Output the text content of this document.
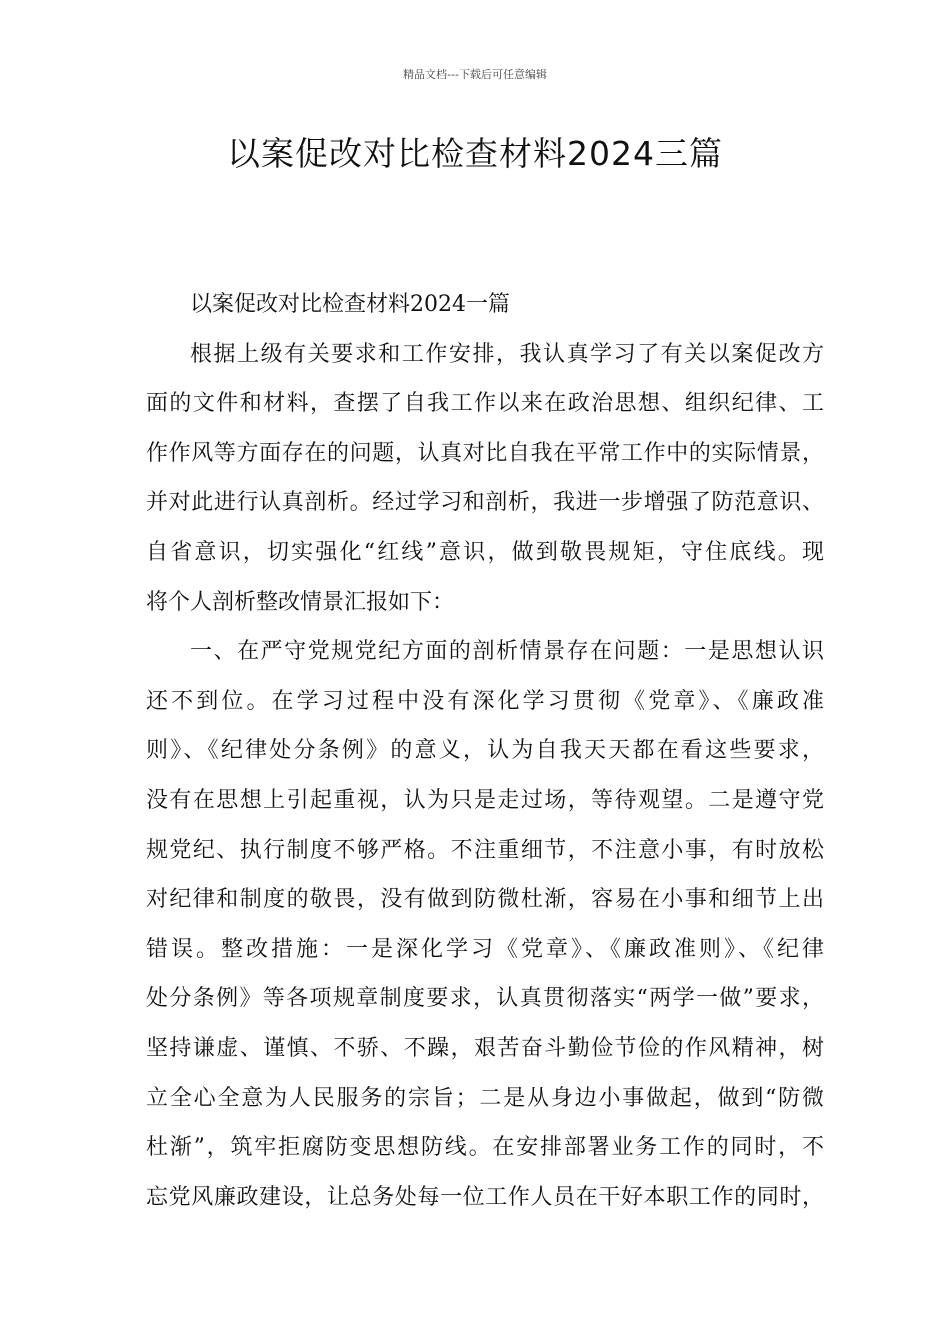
精品文档---下载后可任意编辑
以案促改对比检查材料2024三篇
以案促改对比检查材料2024一篇
根据上级有关要求和工作安排，我认真学习了有关以案促改方
面的文件和材料，查摆了自我工作以来在政治思想、组织纪律、工
作作风等方面存在的问题，认真对比自我在平常工作中的实际情景，
并对此进行认真剖析。经过学习和剖析，我进一步增强了防范意识、
自省意识，切实强化“红线”意识，做到敬畏规矩，守住底线。现
将个人剖析整改情景汇报如下：
一、在严守党规党纪方面的剖析情景存在问题：一是思想认识
还不到位。在学习过程中没有深化学习贯彻《党章》、《廉政准
则》、《纪律处分条例》的意义，认为自我天天都在看这些要求，
没有在思想上引起重视，认为只是走过场，等待观望。二是遵守党
规党纪、执行制度不够严格。不注重细节，不注意小事，有时放松
对纪律和制度的敬畏，没有做到防微杜渐，容易在小事和细节上出
错误。整改措施：一是深化学习《党章》、《廉政准则》、《纪律
处分条例》等各项规章制度要求，认真贯彻落实“两学一做”要求，
坚持谦虚、谨慎、不骄、不躁，艰苦奋斗勤俭节俭的作风精神，树
立全心全意为人民服务的宗旨；二是从身边小事做起，做到“防微
杜渐”，筑牢拒腐防变思想防线。在安排部署业务工作的同时，不
忘党风廉政建设，让总务处每一位工作人员在干好本职工作的同时，
